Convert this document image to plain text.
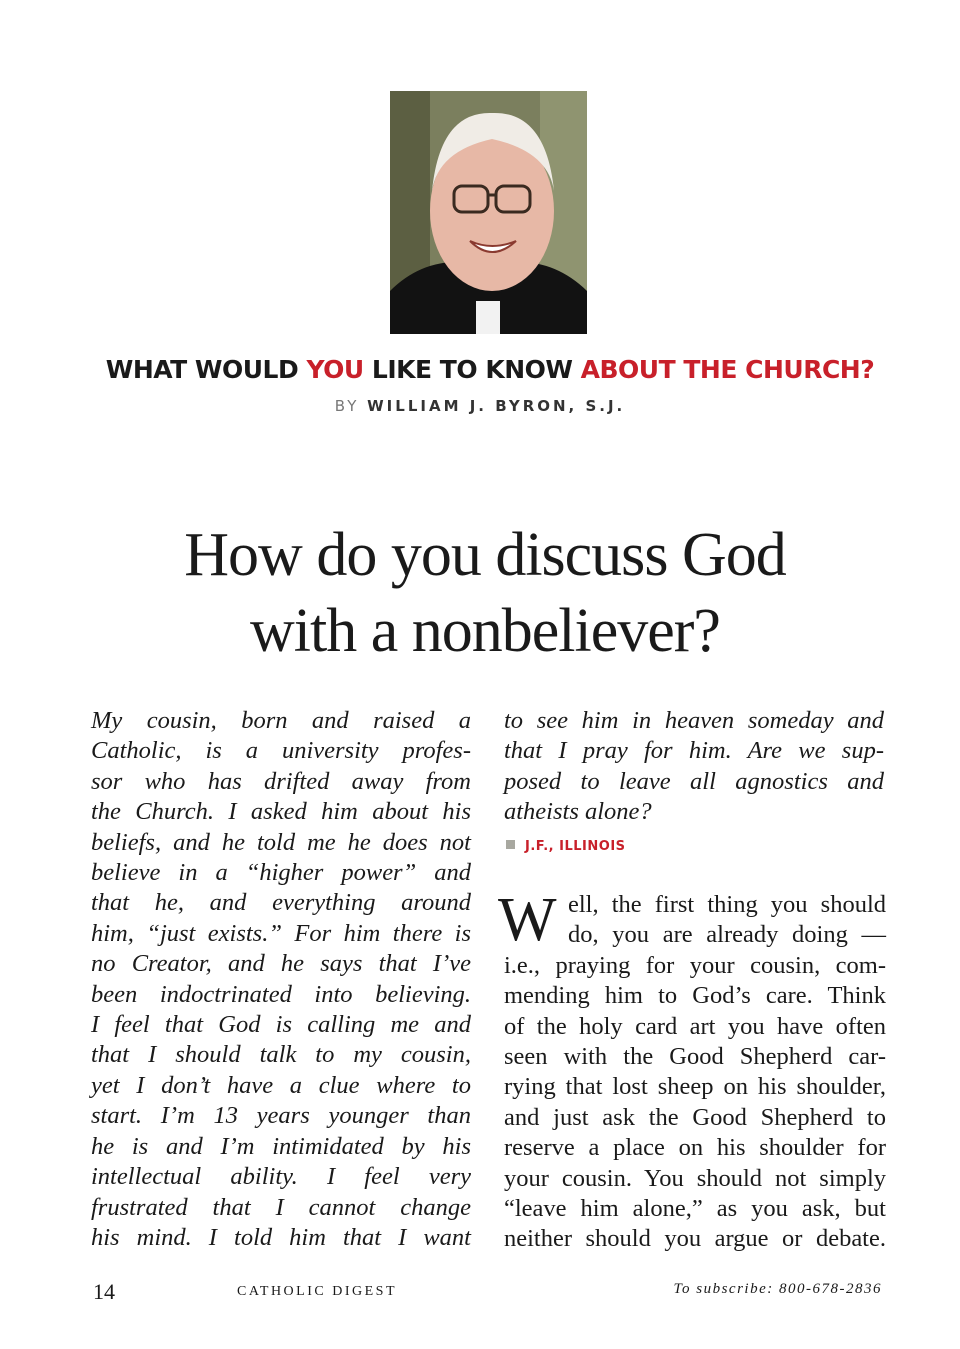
WHAT WOULD YOU LIKE TO KNOW ABOUT THE CHURCH?
BY WILLIAM J. BYRON, S.J.
How do you discuss God
with a nonbeliever?
My cousin, born and raised a
Catholic, is a university profes-
sor who has drifted away from
the Church. I asked him about his
beliefs, and he told me he does not
believe in a “higher power” and
that he, and everything around
him, “just exists.” For him there is
no Creator, and he says that I’ve
been indoctrinated into believing.
I feel that God is calling me and
that I should talk to my cousin,
yet I don’t have a clue where to
start. I’m 13 years younger than
he is and I’m intimidated by his
intellectual ability. I feel very
frustrated that I cannot change
his mind. I told him that I want
to see him in heaven someday and
that I pray for him. Are we sup-
posed to leave all agnostics and
atheists alone?
J.F., ILLINOIS
W ell, the first thing you should
do, you are already doing —
i.e., praying for your cousin, com-
mending him to God’s care. Think
of the holy card art you have often
seen with the Good Shepherd car-
rying that lost sheep on his shoulder,
and just ask the Good Shepherd to
reserve a place on his shoulder for
your cousin. You should not simply
“leave him alone,” as you ask, but
neither should you argue or debate.
14	CATHOLIC DIGEST	To subscribe: 800-678-2836
